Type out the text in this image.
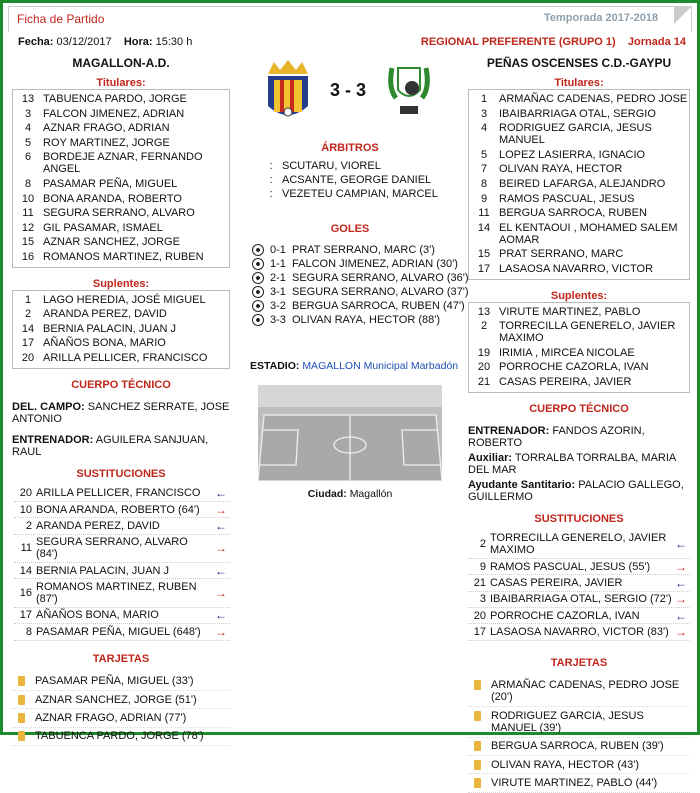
Ficha de Partido	Temporada 2017-2018
Fecha: 03/12/2017 Hora: 15:30 h	REGIONAL PREFERENTE (GRUPO 1) Jornada 14
MAGALLON-A.D.	PEÑAS OSCENSES C.D.-GAYPU
3 - 3
Titulares:
13 TABUENCA PARDO, JORGE
3	FALCON JIMENEZ, ADRIAN
4	AZNAR FRAGO, ADRIAN
5	ROY MARTINEZ, JORGE
6	BORDEJE AZNAR, FERNANDO ANGEL
8	PASAMAR PEÑA, MIGUEL
10 BONA ARANDA, ROBERTO
11 SEGURA SERRANO, ALVARO
12 GIL PASAMAR, ISMAEL
15 AZNAR SANCHEZ, JORGE
16 ROMANOS MARTINEZ, RUBEN
Suplentes:
1	LAGO HEREDIA, JOSÉ MIGUEL
2	ARANDA PEREZ, DAVID
14 BERNIA PALACIN, JUAN J
17 AÑAÑOS BONA, MARIO
20 ARILLA PELLICER, FRANCISCO
CUERPO TÉCNICO
DEL. CAMPO: SANCHEZ SERRATE, JOSE ANTONIO
ENTRENADOR: AGUILERA SANJUAN, RAUL
SUSTITUCIONES
20 ARILLA PELLICER, FRANCISCO	←
10 BONA ARANDA, ROBERTO (64')	→
2 ARANDA PEREZ, DAVID	←
11 SEGURA SERRANO, ALVARO (84')	→
14 BERNIA PALACIN, JUAN J	←
16 ROMANOS MARTINEZ, RUBEN (87')	→
17 AÑAÑOS BONA, MARIO	←
8 PASAMAR PEÑA, MIGUEL (648')	→
TARJETAS
PASAMAR PEÑA, MIGUEL (33')
AZNAR SANCHEZ, JORGE (51')
AZNAR FRAGO, ADRIAN (77')
TABUENCA PARDO, JORGE (78')
Titulares:
1	ARMAÑAC CADENAS, PEDRO JOSE
3	IBAIBARRIAGA OTAL, SERGIO
4	RODRIGUEZ GARCIA, JESUS MANUEL
5	LOPEZ LASIERRA, IGNACIO
7	OLIVAN RAYA, HECTOR
8	BEIRED LAFARGA, ALEJANDRO
9	RAMOS PASCUAL, JESUS
11 BERGUA SARROCA, RUBEN
14 EL KENTAOUI , MOHAMED SALEM AOMAR
15 PRAT SERRANO, MARC
17 LASAOSA NAVARRO, VICTOR
Suplentes:
13 VIRUTE MARTINEZ, PABLO
2	TORRECILLA GENERELO, JAVIER MAXIMO
19 IRIMIA , MIRCEA NICOLAE
20 PORROCHE CAZORLA, IVAN
21 CASAS PEREIRA, JAVIER
CUERPO TÉCNICO
ENTRENADOR: FANDOS AZORIN, ROBERTO
Auxiliar: TORRALBA TORRALBA, MARIA DEL MAR
Ayudante Santitario: PALACIO GALLEGO, GUILLERMO
SUSTITUCIONES
2 TORRECILLA GENERELO, JAVIER MAXIMO	←
9 RAMOS PASCUAL, JESUS (55')	→
21 CASAS PEREIRA, JAVIER	←
3 IBAIBARRIAGA OTAL, SERGIO (72') →
20 PORROCHE CAZORLA, IVAN	←
17 LASAOSA NAVARRO, VICTOR (83') →
TARJETAS
ARMAÑAC CADENAS, PEDRO JOSE (20')
RODRIGUEZ GARCIA, JESUS MANUEL (39')
BERGUA SARROCA, RUBEN (39')
OLIVAN RAYA, HECTOR (43')
VIRUTE MARTINEZ, PABLO (44')
ÁRBITROS
: SCUTARU, VIOREL
: ACSANTE, GEORGE DANIEL
: VEZETEU CAMPIAN, MARCEL
GOLES
0-1 PRAT SERRANO, MARC (3')
1-1 FALCON JIMENEZ, ADRIAN (30')
2-1 SEGURA SERRANO, ALVARO (36')
3-1 SEGURA SERRANO, ALVARO (37')
3-2 BERGUA SARROCA, RUBEN (47')
3-3 OLIVAN RAYA, HECTOR (88')
ESTADIO: MAGALLON Municipal Marbadón
Ciudad: Magallón
